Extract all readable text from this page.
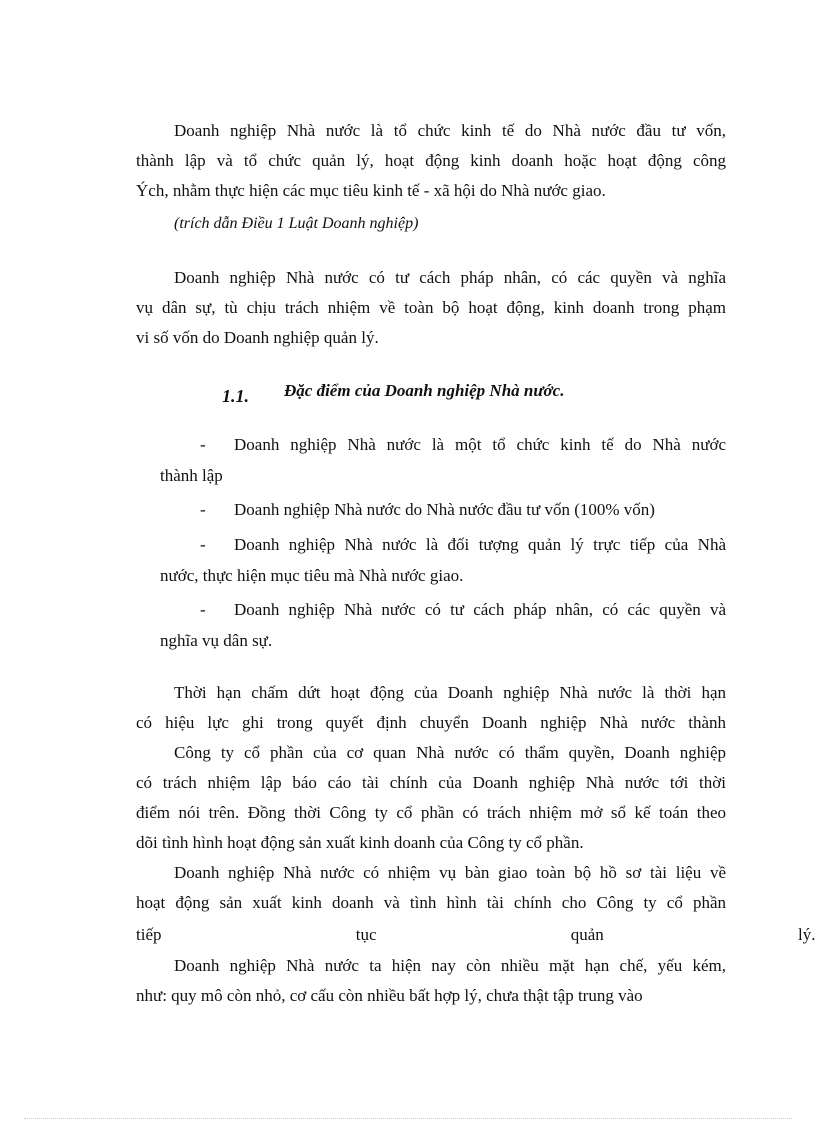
Doanh nghiệp Nhà nước là tổ chức kinh tế do Nhà nước đầu tư vốn,
thành lập và tổ chức quản lý, hoạt động kinh doanh hoặc hoạt động công
Ých, nhằm thực hiện các mục tiêu kinh tế - xã hội do Nhà nước giao.
(trích dẫn Điều 1 Luật Doanh nghiệp)
Doanh nghiệp Nhà nước có tư cách pháp nhân, có các quyền và nghĩa
vụ dân sự, tù chịu trách nhiệm về toàn bộ hoạt động, kinh doanh trong phạm
vi số vốn do Doanh nghiệp quản lý.
1.1. Đặc điểm của Doanh nghiệp Nhà nước.
-	Doanh nghiệp Nhà nước là một tổ chức kinh tế do Nhà nước
thành lập
-	Doanh nghiệp Nhà nước do Nhà nước đầu tư vốn (100% vốn)
-	Doanh nghiệp Nhà nước là đối tượng quản lý trực tiếp của Nhà
nước, thực hiện mục tiêu mà Nhà nước giao.
-	Doanh nghiệp Nhà nước có tư cách pháp nhân, có các quyền và
nghĩa vụ dân sự.
Thời hạn chấm dứt hoạt động của Doanh nghiệp Nhà nước là thời hạn
có hiệu lực ghi trong quyết định chuyển Doanh nghiệp Nhà nước thành
Công ty cổ phần của cơ quan Nhà nước có thẩm quyền, Doanh nghiệp
có trách nhiệm lập báo cáo tài chính của Doanh nghiệp Nhà nước tới thời
điểm nói trên. Đồng thời Công ty cổ phần có trách nhiệm mở sổ kế toán theo
dõi tình hình hoạt động sản xuất kinh doanh của Công ty cổ phần.
Doanh nghiệp Nhà nước có nhiệm vụ bàn giao toàn bộ hồ sơ tài liệu về
hoạt động sản xuất kinh doanh và tình hình tài chính cho Công ty cổ phần
tiếp tục quản lý.
Doanh nghiệp Nhà nước ta hiện nay còn nhiều mặt hạn chế, yếu kém,
như: quy mô còn nhỏ, cơ cấu còn nhiều bất hợp lý, chưa thật tập trung vào
